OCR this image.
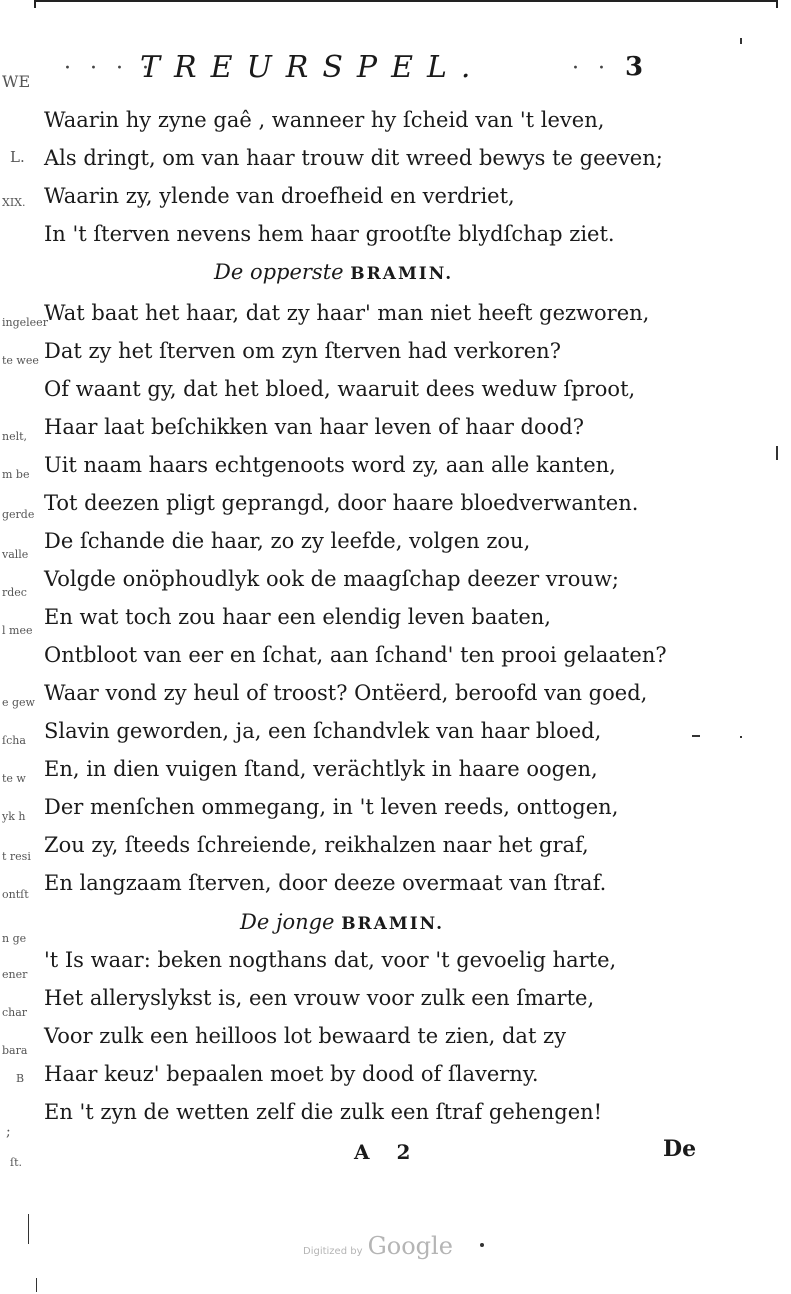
· · · ·
TREURSPEL.	· · 3
Waarin hy zyne gaê , wanneer hy ſcheid van 't leven,
Als dringt, om van haar trouw dit wreed bewys te geeven;
Waarin zy, ylende van droefheid en verdriet,
In 't ſterven nevens hem haar grootſte blydſchap ziet.
De opperste BRAMIN.
Wat baat het haar, dat zy haar' man niet heeft gezworen,
Dat zy het ſterven om zyn ſterven had verkoren?
Of waant gy, dat het bloed, waaruit dees weduw ſproot,
Haar laat beſchikken van haar leven of haar dood?
Uit naam haars echtgenoots word zy, aan alle kanten,
Tot deezen pligt geprangd, door haare bloedverwanten.
De ſchande die haar, zo zy leefde, volgen zou,
Volgde onöphoudlyk ook de maagſchap deezer vrouw;
En wat toch zou haar een elendig leven baaten,
Ontbloot van eer en ſchat, aan ſchand' ten prooi gelaaten?
Waar vond zy heul of troost? Ontëerd, beroofd van goed,
Slavin geworden, ja, een ſchandvlek van haar bloed,
En, in dien vuigen ſtand, verächtlyk in haare oogen,
Der menſchen ommegang, in 't leven reeds, onttogen,
Zou zy, ſteeds ſchreiende, reikhalzen naar het graf,
En langzaam ſterven, door deeze overmaat van ſtraf.
De jonge BRAMIN.
't Is waar: beken nogthans dat, voor 't gevoelig harte,
Het alleryslykst is, een vrouw voor zulk een ſmarte,
Voor zulk een heilloos lot bewaard te zien, dat zy
Haar keuz' bepaalen moet by dood of ſlaverny.
En 't zyn de wetten zelf die zulk een ſtraf gehengen!
WE
L.
XIX.
ingeleer
te wee
nelt,
m be
gerde
valle
rdec
l mee
e gew
ſcha
te w
yk h
t resi
ontſt
n ge
ener
char
bara
B
;
ſt.	A 2	De
Digitized by Google
